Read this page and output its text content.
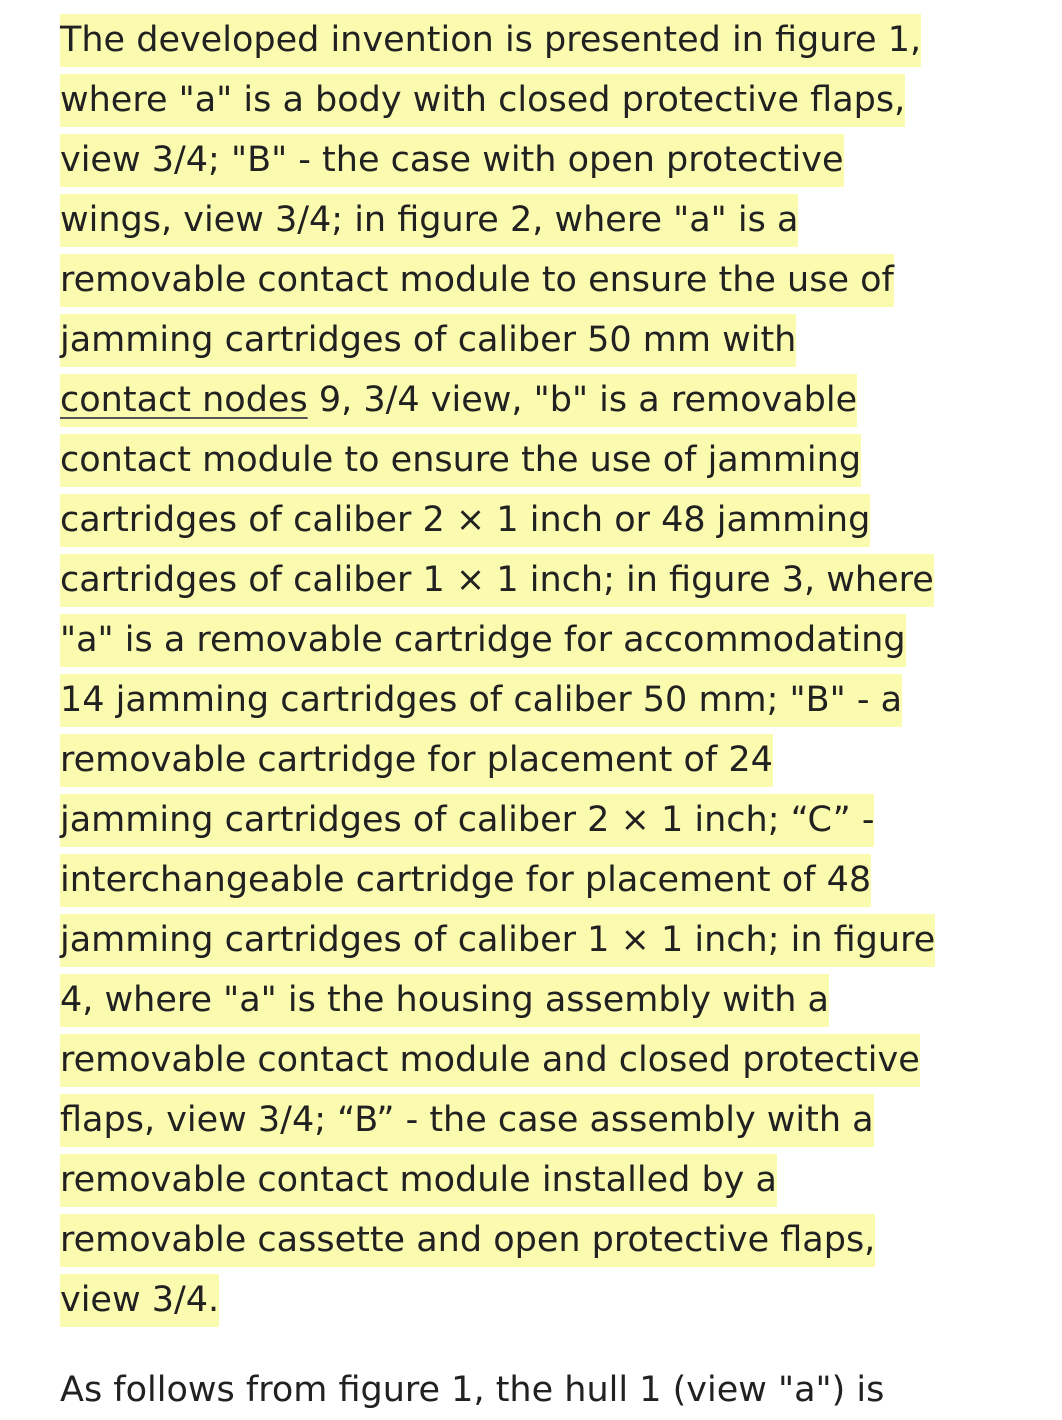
The developed invention is presented in figure 1,
where "a" is a body with closed protective flaps,
view 3/4; "B" - the case with open protective
wings, view 3/4; in figure 2, where "a" is a
removable contact module to ensure the use of
jamming cartridges of caliber 50 mm with
contact nodes 9, 3/4 view, "b" is a removable
contact module to ensure the use of jamming
cartridges of caliber 2 × 1 inch or 48 jamming
cartridges of caliber 1 × 1 inch; in figure 3, where
"a" is a removable cartridge for accommodating
14 jamming cartridges of caliber 50 mm; "B" - a
removable cartridge for placement of 24
jamming cartridges of caliber 2 × 1 inch; “C” -
interchangeable cartridge for placement of 48
jamming cartridges of caliber 1 × 1 inch; in figure
4, where "a" is the housing assembly with a
removable contact module and closed protective
flaps, view 3/4; “B” - the case assembly with a
removable contact module installed by a
removable cassette and open protective flaps,
view 3/4.
As follows from figure 1, the hull 1 (view "a") is
